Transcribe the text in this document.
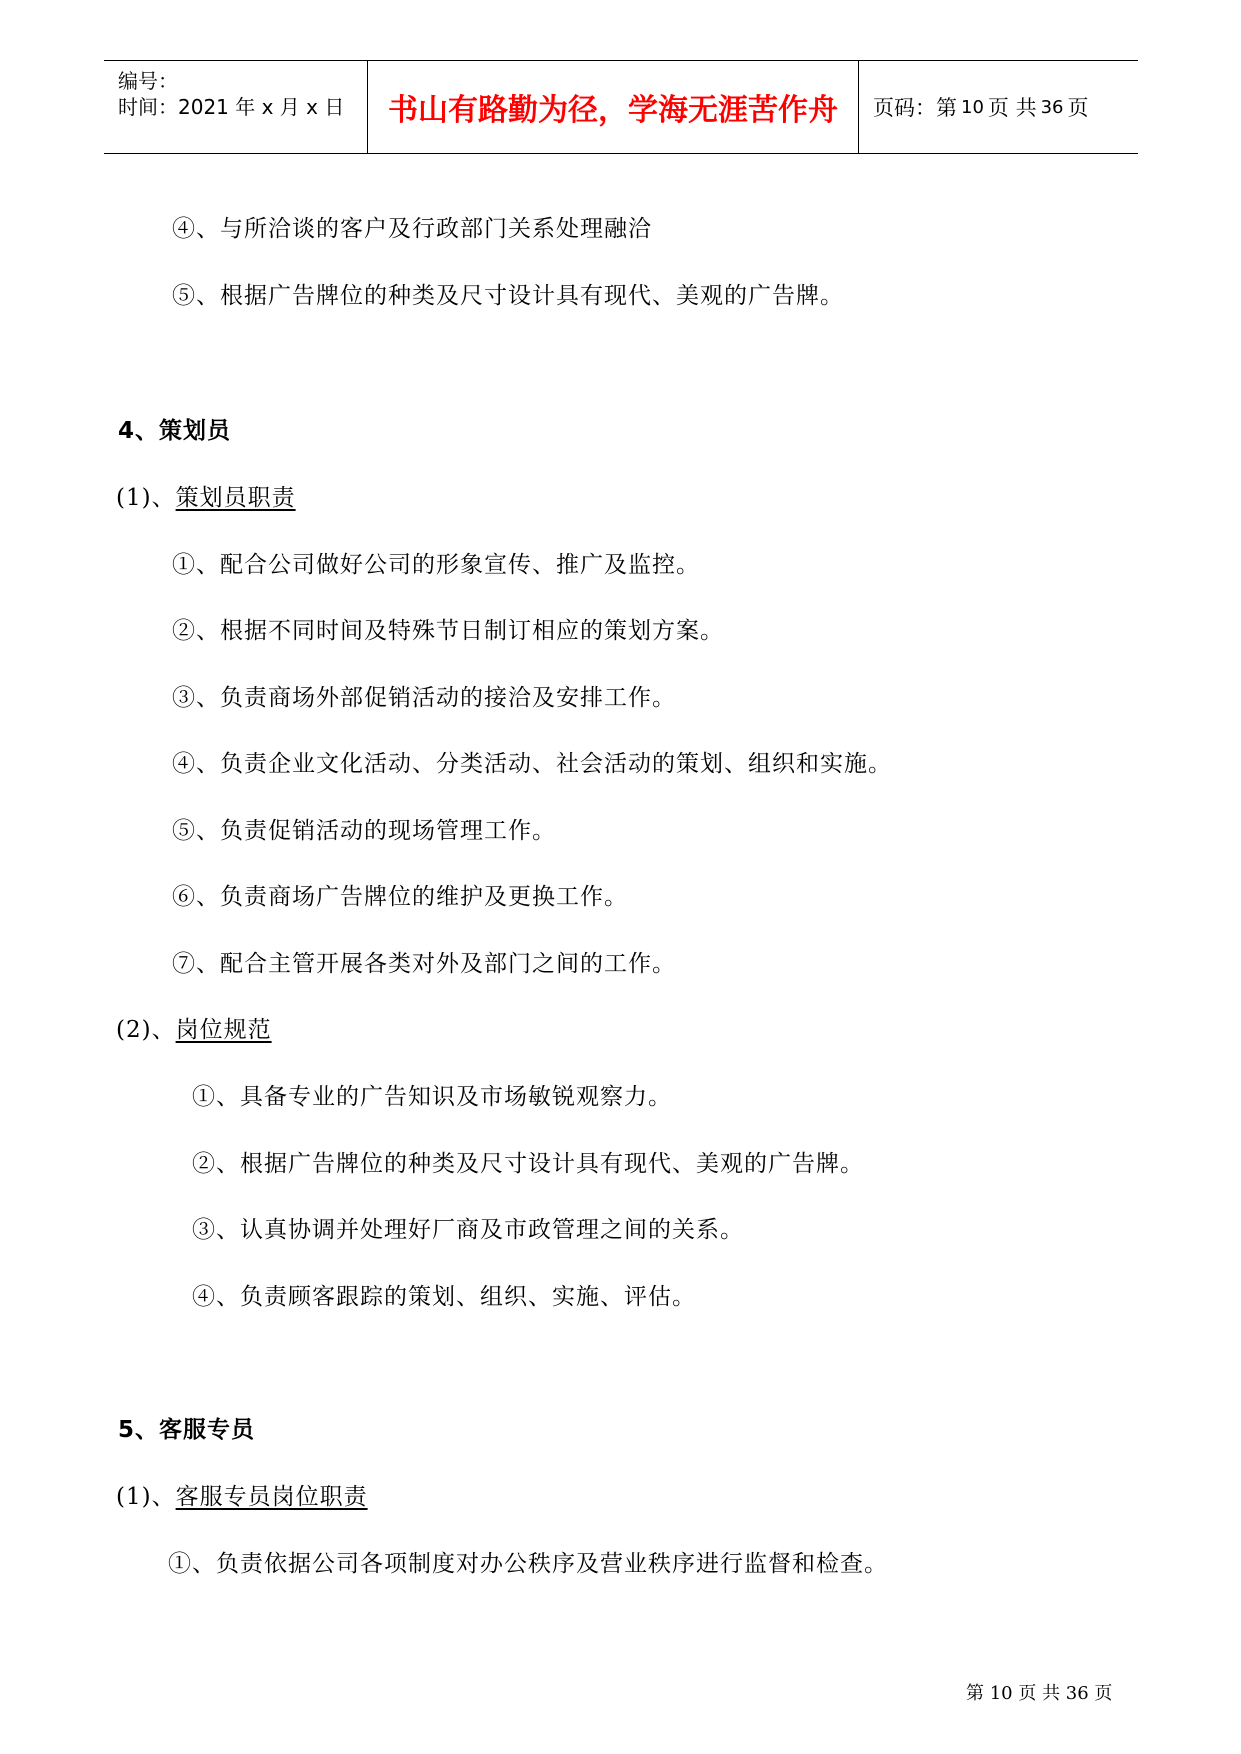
编号：
时间：2021 年 x 月 x 日	书山有路勤为径，学海无涯苦作舟	页码：第 10 页 共 36 页
④、与所洽谈的客户及行政部门关系处理融洽
⑤、根据广告牌位的种类及尺寸设计具有现代、美观的广告牌。
4、策划员
(1)、策划员职责
①、配合公司做好公司的形象宣传、推广及监控。
②、根据不同时间及特殊节日制订相应的策划方案。
③、负责商场外部促销活动的接洽及安排工作。
④、负责企业文化活动、分类活动、社会活动的策划、组织和实施。
⑤、负责促销活动的现场管理工作。
⑥、负责商场广告牌位的维护及更换工作。
⑦、配合主管开展各类对外及部门之间的工作。
(2)、岗位规范
①、具备专业的广告知识及市场敏锐观察力。
②、根据广告牌位的种类及尺寸设计具有现代、美观的广告牌。
③、认真协调并处理好厂商及市政管理之间的关系。
④、负责顾客跟踪的策划、组织、实施、评估。
5、客服专员
(1)、客服专员岗位职责
①、负责依据公司各项制度对办公秩序及营业秩序进行监督和检查。
第 10 页 共 36 页
